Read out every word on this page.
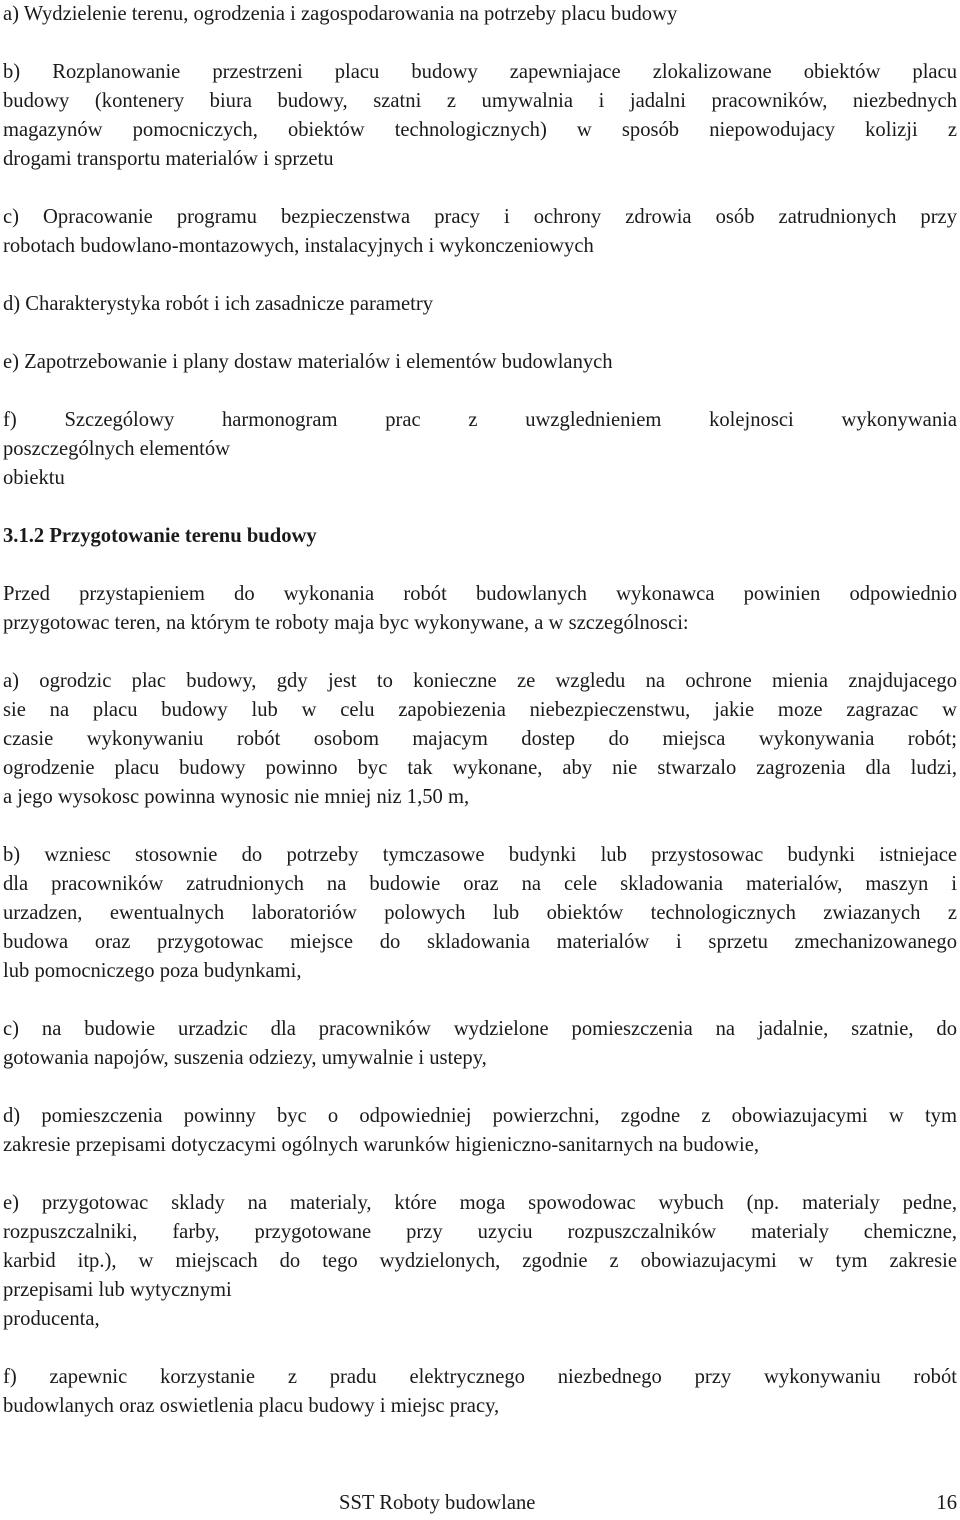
a) Wydzielenie terenu, ogrodzenia i zagospodarowania na potrzeby placu budowy
b) Rozplanowanie przestrzeni placu budowy zapewniajace zlokalizowane obiektów placu
budowy (kontenery biura budowy, szatni z umywalnia i jadalni pracowników, niezbednych
magazynów pomocniczych, obiektów technologicznych) w sposób niepowodujacy kolizji z
drogami transportu materialów i sprzetu
c) Opracowanie programu bezpieczenstwa pracy i ochrony zdrowia osób zatrudnionych przy
robotach budowlano-montazowych, instalacyjnych i wykonczeniowych
d) Charakterystyka robót i ich zasadnicze parametry
e) Zapotrzebowanie i plany dostaw materialów i elementów budowlanych
f) Szczególowy harmonogram prac z uwzglednieniem kolejnosci wykonywania
poszczególnych elementów
obiektu
3.1.2 Przygotowanie terenu budowy
Przed przystapieniem do wykonania robót budowlanych wykonawca powinien odpowiednio
przygotowac teren, na którym te roboty maja byc wykonywane, a w szczególnosci:
a) ogrodzic plac budowy, gdy jest to konieczne ze wzgledu na ochrone mienia znajdujacego
sie na placu budowy lub w celu zapobiezenia niebezpieczenstwu, jakie moze zagrazac w
czasie wykonywaniu robót osobom majacym dostep do miejsca wykonywania robót;
ogrodzenie placu budowy powinno byc tak wykonane, aby nie stwarzalo zagrozenia dla ludzi,
a jego wysokosc powinna wynosic nie mniej niz 1,50 m,
b) wzniesc stosownie do potrzeby tymczasowe budynki lub przystosowac budynki istniejace
dla pracowników zatrudnionych na budowie oraz na cele skladowania materialów, maszyn i
urzadzen, ewentualnych laboratoriów polowych lub obiektów technologicznych zwiazanych z
budowa oraz przygotowac miejsce do skladowania materialów i sprzetu zmechanizowanego
lub pomocniczego poza budynkami,
c) na budowie urzadzic dla pracowników wydzielone pomieszczenia na jadalnie, szatnie, do
gotowania napojów, suszenia odziezy, umywalnie i ustepy,
d) pomieszczenia powinny byc o odpowiedniej powierzchni, zgodne z obowiazujacymi w tym
zakresie przepisami dotyczacymi ogólnych warunków higieniczno-sanitarnych na budowie,
e) przygotowac sklady na materialy, które moga spowodowac wybuch (np. materialy pedne,
rozpuszczalniki, farby, przygotowane przy uzyciu rozpuszczalników materialy chemiczne,
karbid itp.), w miejscach do tego wydzielonych, zgodnie z obowiazujacymi w tym zakresie
przepisami lub wytycznymi
producenta,
f) zapewnic korzystanie z pradu elektrycznego niezbednego przy wykonywaniu robót
budowlanych oraz oswietlenia placu budowy i miejsc pracy,
SST Roboty budowlane	16
